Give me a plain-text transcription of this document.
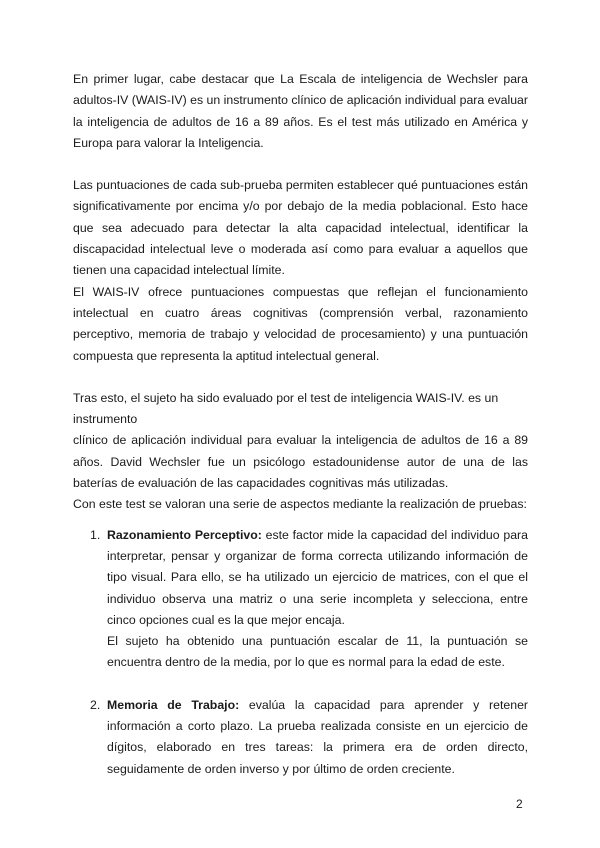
En primer lugar, cabe destacar que La Escala de inteligencia de Wechsler para adultos-IV (WAIS-IV) es un instrumento clínico de aplicación individual para evaluar la inteligencia de adultos de 16 a 89 años. Es el test más utilizado en América y Europa para valorar la Inteligencia.

Las puntuaciones de cada sub-prueba permiten establecer qué puntuaciones están significativamente por encima y/o por debajo de la media poblacional. Esto hace que sea adecuado para detectar la alta capacidad intelectual, identificar la discapacidad intelectual leve o moderada así como para evaluar a aquellos que tienen una capacidad intelectual límite.

El WAIS-IV ofrece puntuaciones compuestas que reflejan el funcionamiento intelectual en cuatro áreas cognitivas (comprensión verbal, razonamiento perceptivo, memoria de trabajo y velocidad de procesamiento) y una puntuación compuesta que representa la aptitud intelectual general.

Tras esto, el sujeto ha sido evaluado por el test de inteligencia WAIS-IV. es un instrumento

clínico de aplicación individual para evaluar la inteligencia de adultos de 16 a 89 años. David Wechsler fue un psicólogo estadounidense autor de una de las baterías de evaluación de las capacidades cognitivas más utilizadas.

Con este test se valoran una serie de aspectos mediante la realización de pruebas:

1. Razonamiento Perceptivo: este factor mide la capacidad del individuo para interpretar, pensar y organizar de forma correcta utilizando información de tipo visual. Para ello, se ha utilizado un ejercicio de matrices, con el que el individuo observa una matriz o una serie incompleta y selecciona, entre cinco opciones cual es la que mejor encaja.
El sujeto ha obtenido una puntuación escalar de 11, la puntuación se encuentra dentro de la media, por lo que es normal para la edad de este.
2. Memoria de Trabajo: evalúa la capacidad para aprender y retener información a corto plazo. La prueba realizada consiste en un ejercicio de dígitos, elaborado en tres tareas: la primera era de orden directo, seguidamente de orden inverso y por último de orden creciente.
2
